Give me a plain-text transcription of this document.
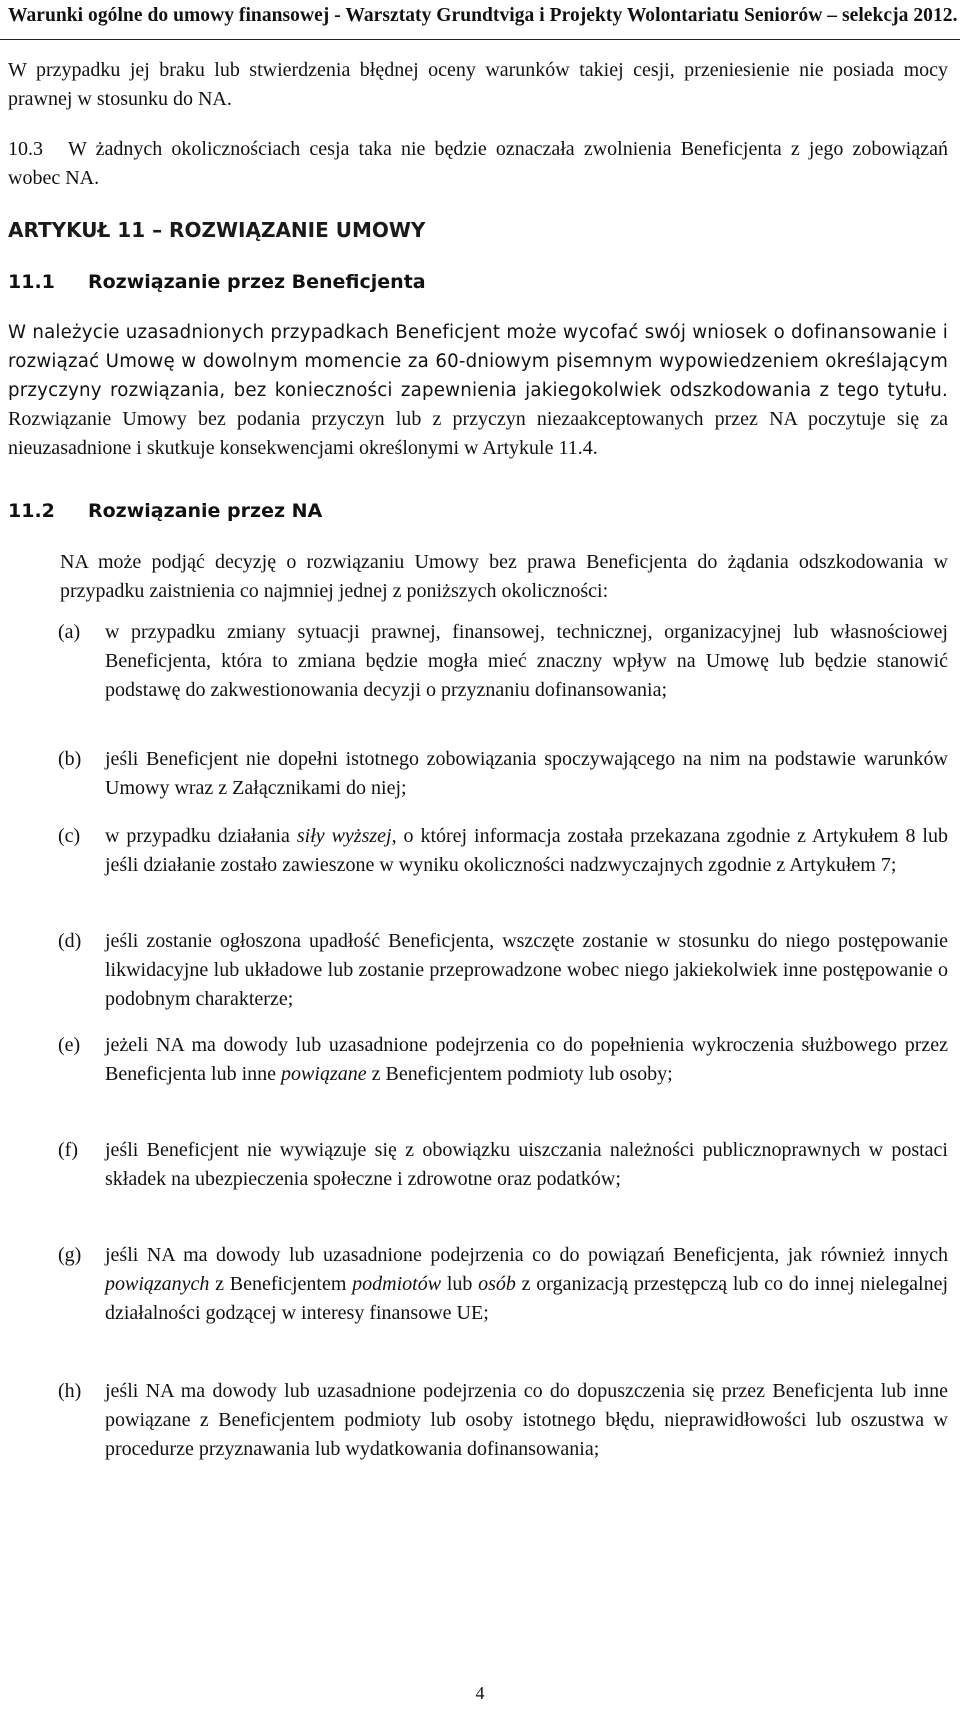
Warunki ogólne do umowy finansowej - Warsztaty Grundtviga i Projekty Wolontariatu Seniorów – selekcja 2012.
W przypadku jej braku lub stwierdzenia błędnej oceny warunków takiej cesji, przeniesienie nie posiada mocy prawnej w stosunku do NA.
10.3 W żadnych okolicznościach cesja taka nie będzie oznaczała zwolnienia Beneficjenta z jego zobowiązań wobec NA.
ARTYKUŁ 11 – ROZWIĄZANIE UMOWY
11.1 Rozwiązanie przez Beneficjenta
W należycie uzasadnionych przypadkach Beneficjent może wycofać swój wniosek o dofinansowanie i rozwiązać Umowę w dowolnym momencie za 60-dniowym pisemnym wypowiedzeniem określającym przyczyny rozwiązania, bez konieczności zapewnienia jakiegokolwiek odszkodowania z tego tytułu. Rozwiązanie Umowy bez podania przyczyn lub z przyczyn niezaakceptowanych przez NA poczytuje się za nieuzasadnione i skutkuje konsekwencjami określonymi w Artykule 11.4.
11.2 Rozwiązanie przez NA
NA może podjąć decyzję o rozwiązaniu Umowy bez prawa Beneficjenta do żądania odszkodowania w przypadku zaistnienia co najmniej jednej z poniższych okoliczności:
(a)	w przypadku zmiany sytuacji prawnej, finansowej, technicznej, organizacyjnej lub własnościowej Beneficjenta, która to zmiana będzie mogła mieć znaczny wpływ na Umowę lub będzie stanowić podstawę do zakwestionowania decyzji o przyznaniu dofinansowania;
(b)	jeśli Beneficjent nie dopełni istotnego zobowiązania spoczywającego na nim na podstawie warunków Umowy wraz z Załącznikami do niej;
(c)	w przypadku działania siły wyższej, o której informacja została przekazana zgodnie z Artykułem 8 lub jeśli działanie zostało zawieszone w wyniku okoliczności nadzwyczajnych zgodnie z Artykułem 7;
(d)	jeśli zostanie ogłoszona upadłość Beneficjenta, wszczęte zostanie w stosunku do niego postępowanie likwidacyjne lub układowe lub zostanie przeprowadzone wobec niego jakiekolwiek inne postępowanie o podobnym charakterze;
(e)	jeżeli NA ma dowody lub uzasadnione podejrzenia co do popełnienia wykroczenia służbowego przez Beneficjenta lub inne powiązane z Beneficjentem podmioty lub osoby;
(f)	jeśli Beneficjent nie wywiązuje się z obowiązku uiszczania należności publicznoprawnych w postaci składek na ubezpieczenia społeczne i zdrowotne oraz podatków;
(g)	jeśli NA ma dowody lub uzasadnione podejrzenia co do powiązań Beneficjenta, jak również innych powiązanych z Beneficjentem podmiotów lub osób z organizacją przestępczą lub co do innej nielegalnej działalności godzącej w interesy finansowe UE;
(h)	jeśli NA ma dowody lub uzasadnione podejrzenia co do dopuszczenia się przez Beneficjenta lub inne powiązane z Beneficjentem podmioty lub osoby istotnego błędu, nieprawidłowości lub oszustwa w procedurze przyznawania lub wydatkowania dofinansowania;
4
